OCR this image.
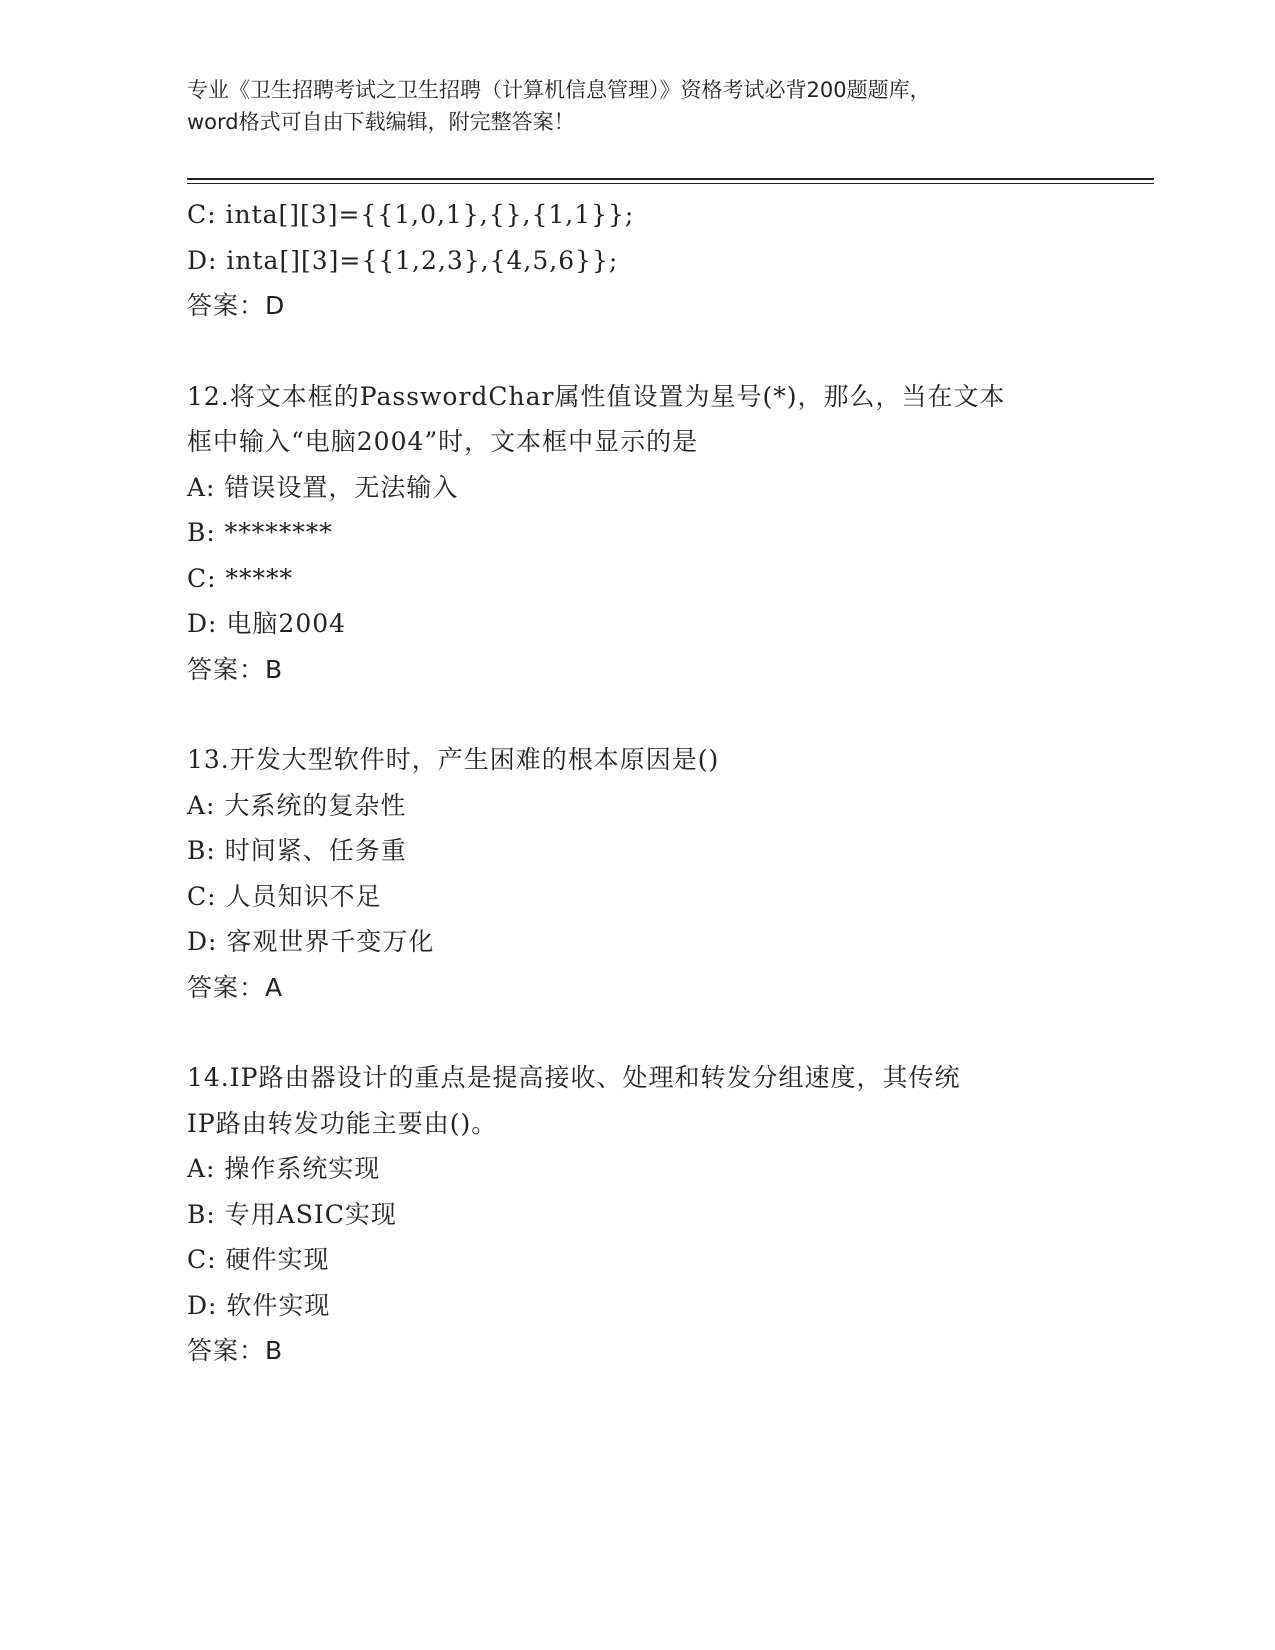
专业《卫生招聘考试之卫生招聘（计算机信息管理）》资格考试必背200题题库，
word格式可自由下载编辑，附完整答案！
C: inta[][3]={{1,0,1},{},{1,1}};
D: inta[][3]={{1,2,3},{4,5,6}};
答案：D
12.将文本框的PasswordChar属性值设置为星号(*)，那么，当在文本
框中输入“电脑2004”时，文本框中显示的是
A: 错误设置，无法输入
B: ********
C: *****
D: 电脑2004
答案：B
13.开发大型软件时，产生困难的根本原因是()
A: 大系统的复杂性
B: 时间紧、任务重
C: 人员知识不足
D: 客观世界千变万化
答案：A
14.IP路由器设计的重点是提高接收、处理和转发分组速度，其传统
IP路由转发功能主要由()。
A: 操作系统实现
B: 专用ASIC实现
C: 硬件实现
D: 软件实现
答案：B
